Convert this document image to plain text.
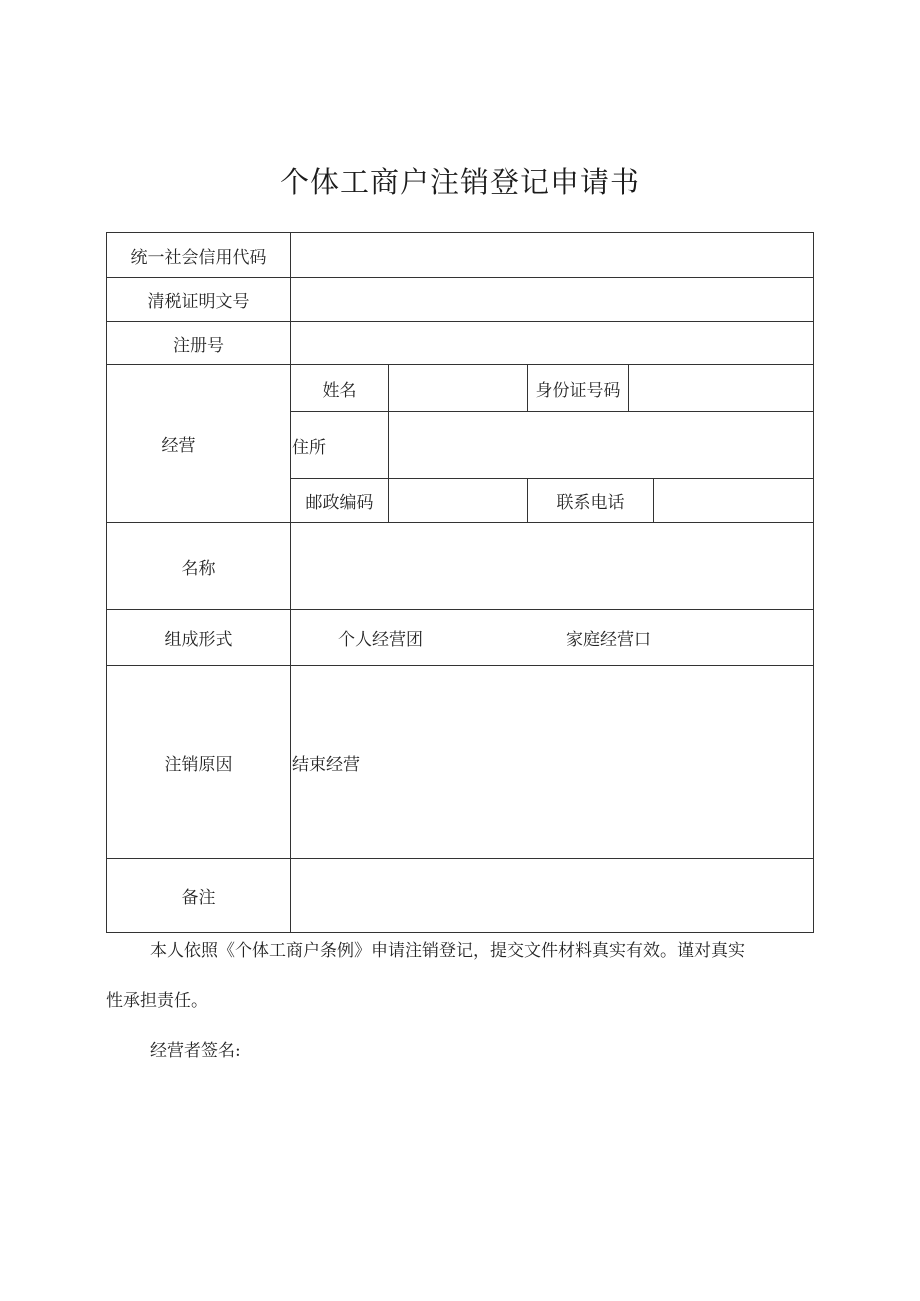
个体工商户注销登记申请书
统一社会信用代码
清税证明文号
注册号
经营
姓名	身份证号码
住所
邮政编码	联系电话
名称
组成形式	个人经营团	家庭经营口
注销原因	结束经营
备注
本人依照《个体工商户条例》申请注销登记，提交文件材料真实有效。谨对真实
性承担责任。
经营者签名:
